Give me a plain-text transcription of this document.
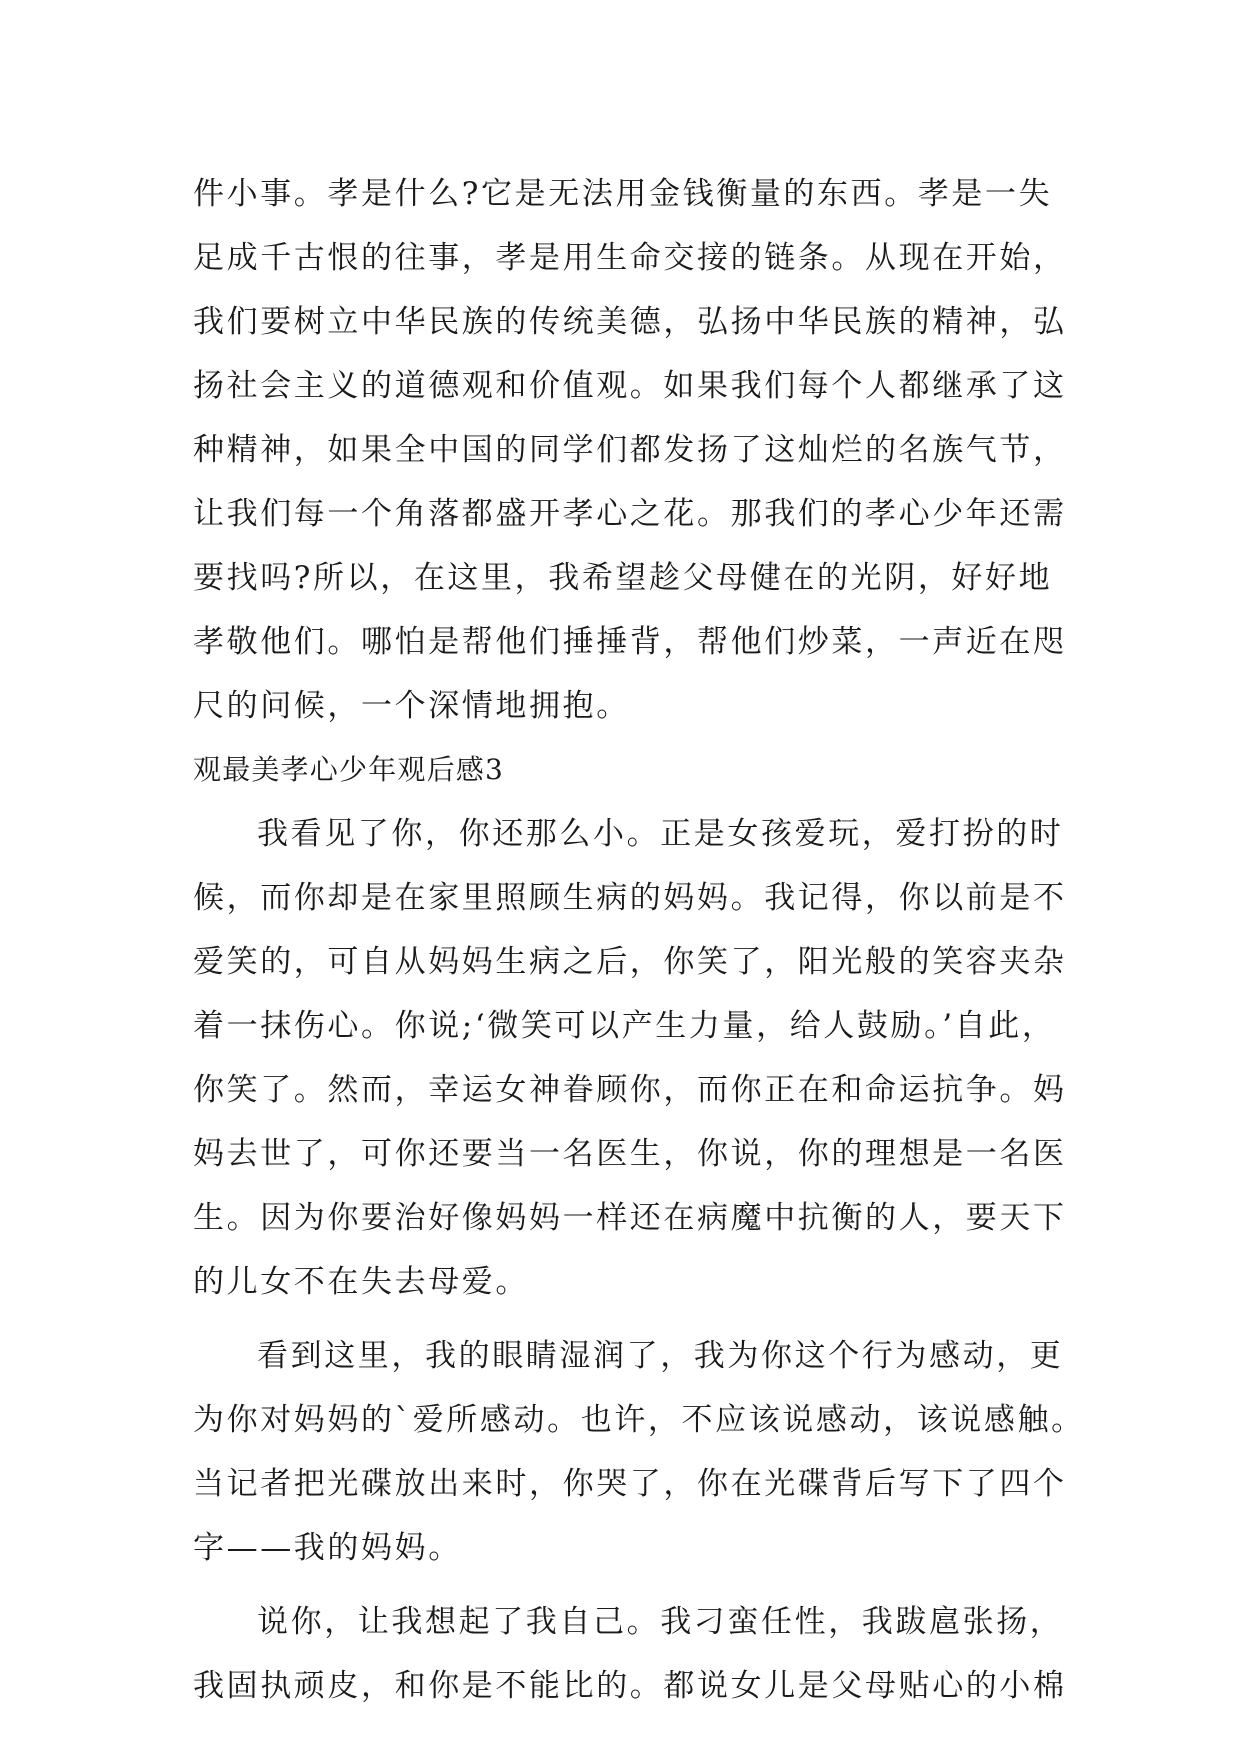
件小事。孝是什么?它是无法用金钱衡量的东西。孝是一失
足成千古恨的往事，孝是用生命交接的链条。从现在开始，
我们要树立中华民族的传统美德，弘扬中华民族的精神，弘
扬社会主义的道德观和价值观。如果我们每个人都继承了这
种精神，如果全中国的同学们都发扬了这灿烂的名族气节，
让我们每一个角落都盛开孝心之花。那我们的孝心少年还需
要找吗?所以，在这里，我希望趁父母健在的光阴，好好地
孝敬他们。哪怕是帮他们捶捶背，帮他们炒菜，一声近在咫
尺的问候，一个深情地拥抱。
观最美孝心少年观后感3
我看见了你，你还那么小。正是女孩爱玩，爱打扮的时
候，而你却是在家里照顾生病的妈妈。我记得，你以前是不
爱笑的，可自从妈妈生病之后，你笑了，阳光般的笑容夹杂
着一抹伤心。你说;‘微笑可以产生力量，给人鼓励。’自此，
你笑了。然而，幸运女神眷顾你，而你正在和命运抗争。妈
妈去世了，可你还要当一名医生，你说，你的理想是一名医
生。因为你要治好像妈妈一样还在病魔中抗衡的人，要天下
的儿女不在失去母爱。
看到这里，我的眼睛湿润了，我为你这个行为感动，更
为你对妈妈的`爱所感动。也许，不应该说感动，该说感触。
当记者把光碟放出来时，你哭了，你在光碟背后写下了四个
字——我的妈妈。
说你，让我想起了我自己。我刁蛮任性，我跋扈张扬，
我固执顽皮，和你是不能比的。都说女儿是父母贴心的小棉
